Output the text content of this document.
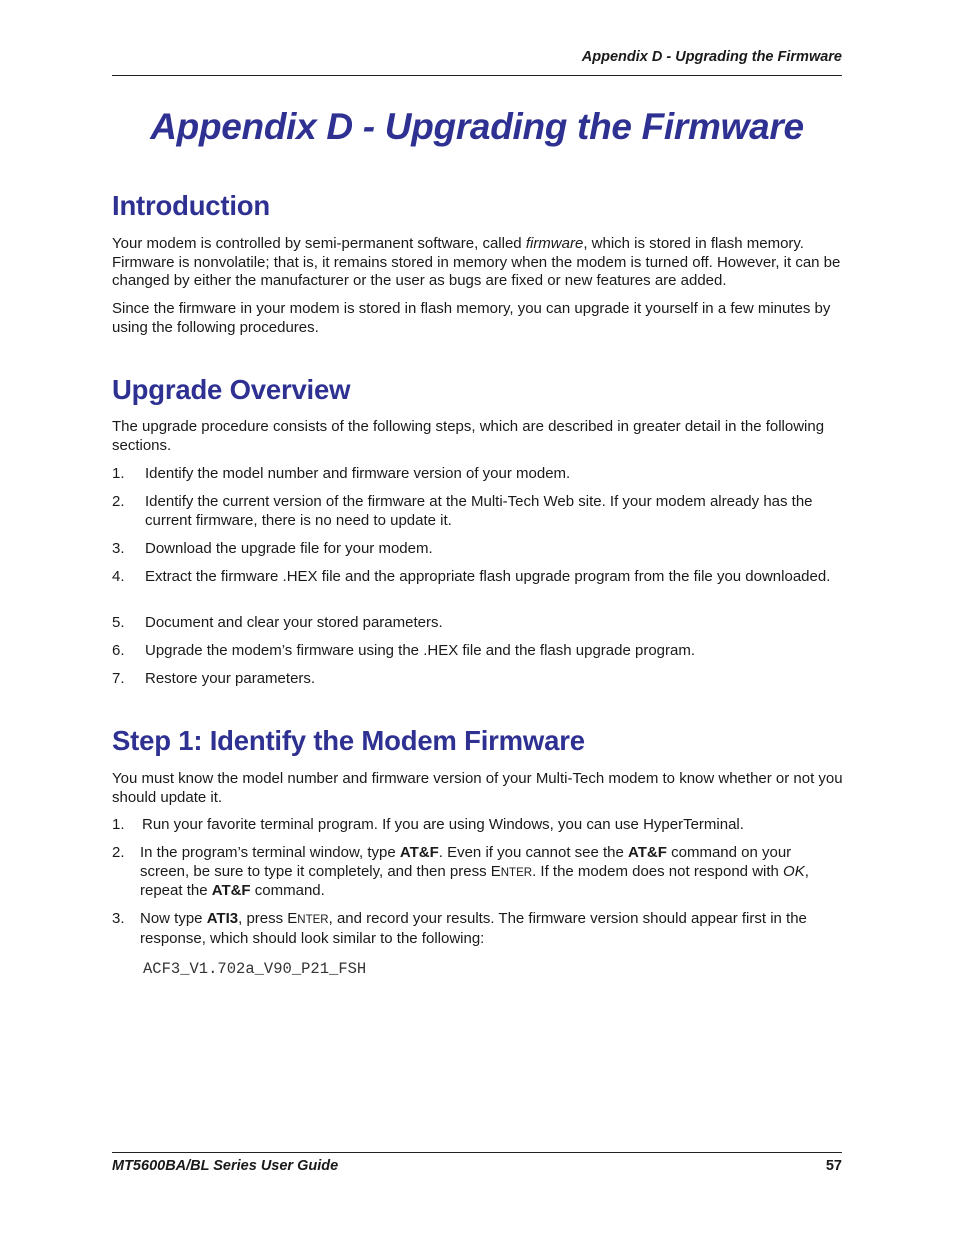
Appendix D - Upgrading the Firmware
Appendix D - Upgrading the Firmware
Introduction

Your modem is controlled by semi-permanent software, called firmware, which is stored in flash memory. Firmware is nonvolatile; that is, it remains stored in memory when the modem is turned off. However, it can be changed by either the manufacturer or the user as bugs are fixed or new features are added.

Since the firmware in your modem is stored in flash memory, you can upgrade it yourself in a few minutes by using the following procedures.

Upgrade Overview

The upgrade procedure consists of the following steps, which are described in greater detail in the following sections.

1. Identify the model number and firmware version of your modem.

2. Identify the current version of the firmware at the Multi-Tech Web site. If your modem already has the current firmware, there is no need to update it.

3. Download the upgrade file for your modem.

4. Extract the firmware .HEX file and the appropriate flash upgrade program from the file you downloaded.

5. Document and clear your stored parameters.

6. Upgrade the modem’s firmware using the .HEX file and the flash upgrade program.

7. Restore your parameters.

Step 1: Identify the Modem Firmware

You must know the model number and firmware version of your Multi-Tech modem to know whether or not you should update it.

1. Run your favorite terminal program. If you are using Windows, you can use HyperTerminal.

2. In the program’s terminal window, type AT&F. Even if you cannot see the AT&F command on your screen, be sure to type it completely, and then press ENTER. If the modem does not respond with OK, repeat the AT&F command.

3. Now type ATI3, press ENTER, and record your results. The firmware version should appear first in the response, which should look similar to the following:

ACF3_V1.702a_V90_P21_FSH
MT5600BA/BL Series User Guide	57
